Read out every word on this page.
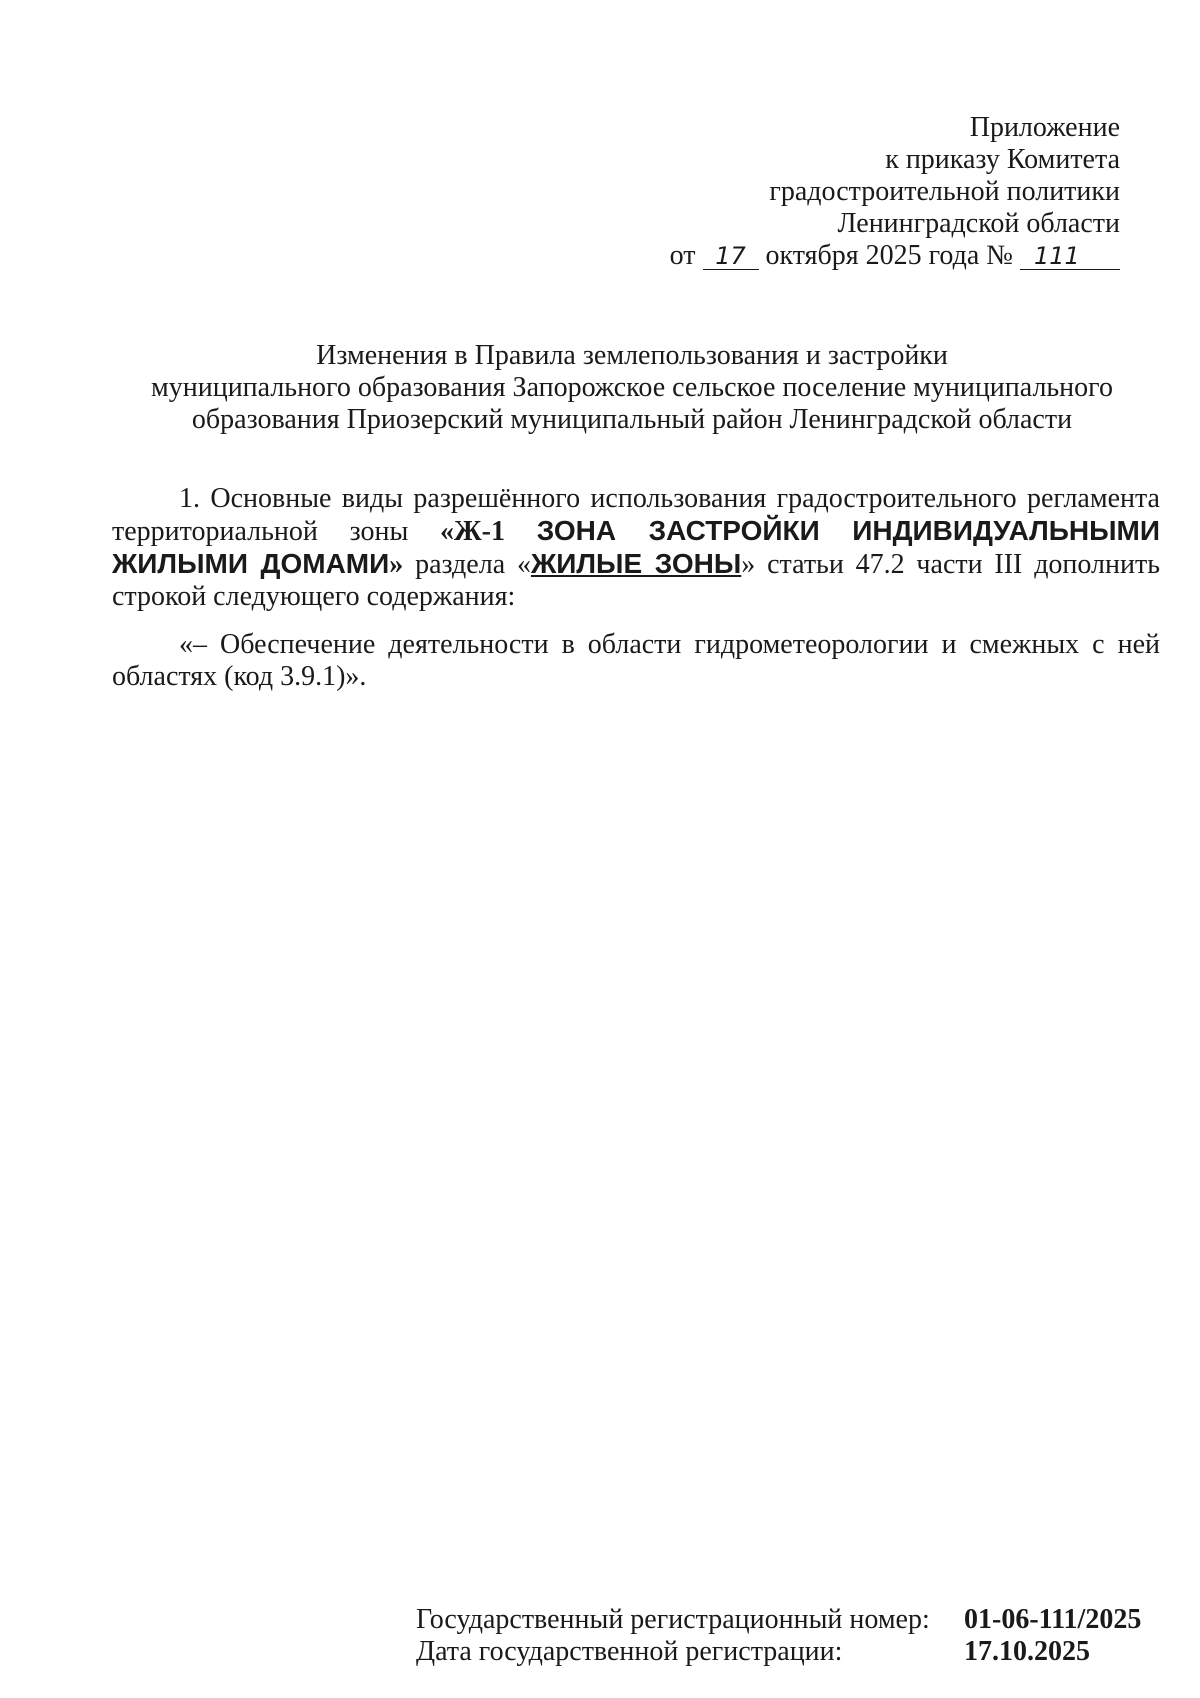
Приложение
к приказу Комитета
градостроительной политики
Ленинградской области
от 17 октября 2025 года № 111
Изменения в Правила землепользования и застройки
муниципального образования Запорожское сельское поселение муниципального
образования Приозерский муниципальный район Ленинградской области

1. Основные виды разрешённого использования градостроительного регламента территориальной зоны «Ж-1 ЗОНА ЗАСТРОЙКИ ИНДИВИДУАЛЬНЫМИ ЖИЛЫМИ ДОМАМИ» раздела «ЖИЛЫЕ ЗОНЫ» статьи 47.2 части III дополнить строкой следующего содержания:

«– Обеспечение деятельности в области гидрометеорологии и смежных с ней областях (код 3.9.1)».

Государственный регистрационный номер:	01-06-111/2025
Дата государственной регистрации:	17.10.2025
